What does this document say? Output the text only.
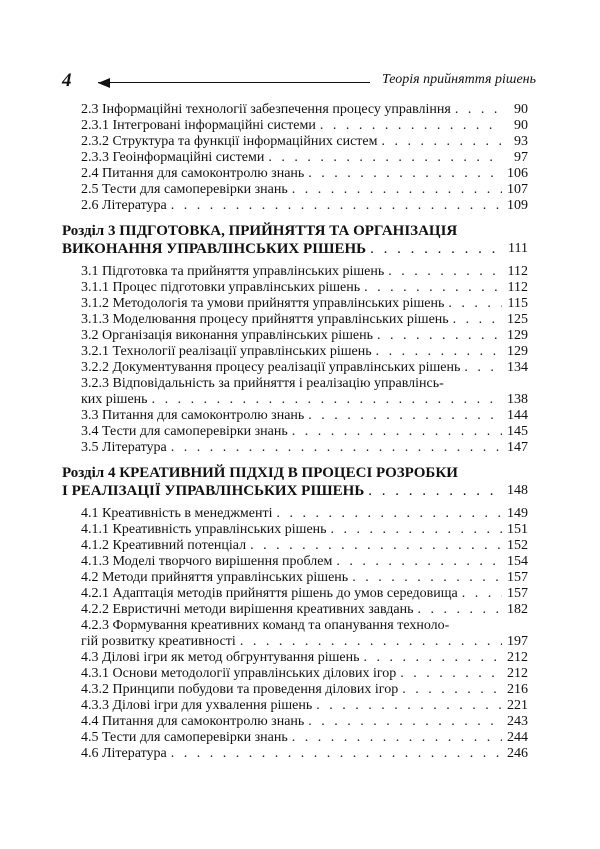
4	Теорія прийняття рішень
2.3 Інформаційні технології забезпечення процесу управління . . .	90
2.3.1 Інтегровані інформаційні системи . . .	90
2.3.2 Структура та функції інформаційних систем . . .	93
2.3.3 Геоінформаційні системи . . .	97
2.4 Питання для самоконтролю знань . . .	106
2.5 Тести для самоперевірки знань . . .	107
2.6 Література . . .	109
Розділ 3 ПІДГОТОВКА, ПРИЙНЯТТЯ ТА ОРГАНІЗАЦІЯ
ВИКОНАННЯ УПРАВЛІНСЬКИХ РІШЕНЬ . . .	111
3.1 Підготовка та прийняття управлінських рішень . . .	112
3.1.1 Процес підготовки управлінських рішень . . .	112
3.1.2 Методологія та умови прийняття управлінських рішень . . .	115
3.1.3 Моделювання процесу прийняття управлінських рішень . . .	125
3.2 Організація виконання управлінських рішень . . .	129
3.2.1 Технології реалізації управлінських рішень . . .	129
3.2.2 Документування процесу реалізації управлінських рішень . . .	134
3.2.3 Відповідальність за прийняття і реалізацію управлінсь-
ких рішень . . .	138
3.3 Питання для самоконтролю знань . . .	144
3.4 Тести для самоперевірки знань . . .	145
3.5 Література . . .	147
Розділ 4 КРЕАТИВНИЙ ПІДХІД В ПРОЦЕСІ РОЗРОБКИ
І РЕАЛІЗАЦІЇ УПРАВЛІНСЬКИХ РІШЕНЬ . . .	148
4.1 Креативність в менеджменті . . .	149
4.1.1 Креативність управлінських рішень . . .	151
4.1.2 Креативний потенціал . . .	152
4.1.3 Моделі творчого вирішення проблем . . .	154
4.2 Методи прийняття управлінських рішень . . .	157
4.2.1 Адаптація методів прийняття рішень до умов середовища . . .	157
4.2.2 Евристичні методи вирішення креативних завдань . . .	182
4.2.3 Формування креативних команд та опанування техноло-
гій розвитку креативності . . .	197
4.3 Ділові ігри як метод обгрунтування рішень . . .	212
4.3.1 Основи методології управлінських ділових ігор . . .	212
4.3.2 Принципи побудови та проведення ділових ігор . . .	216
4.3.3 Ділові ігри для ухвалення рішень . . .	221
4.4 Питання для самоконтролю знань . . .	243
4.5 Тести для самоперевірки знань . . .	244
4.6 Література . . .	246
